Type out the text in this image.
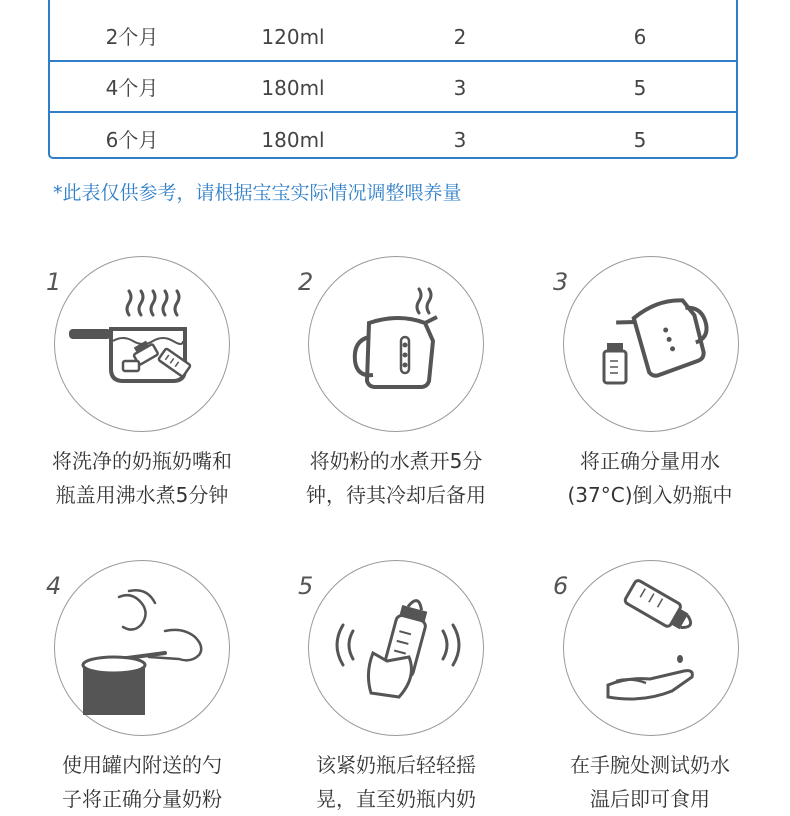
2个月	120ml	2	6
4个月	180ml	3	5
6个月	180ml	3	5
*此表仅供参考，请根据宝宝实际情况调整喂养量
1
将洗净的奶瓶奶嘴和
瓶盖用沸水煮5分钟
2
将奶粉的水煮开5分
钟，待其冷却后备用
3
将正确分量用水
(37°C)倒入奶瓶中
4
使用罐内附送的勺
子将正确分量奶粉
5
该紧奶瓶后轻轻摇
晃，直至奶瓶内奶
6
在手腕处测试奶水
温后即可食用
